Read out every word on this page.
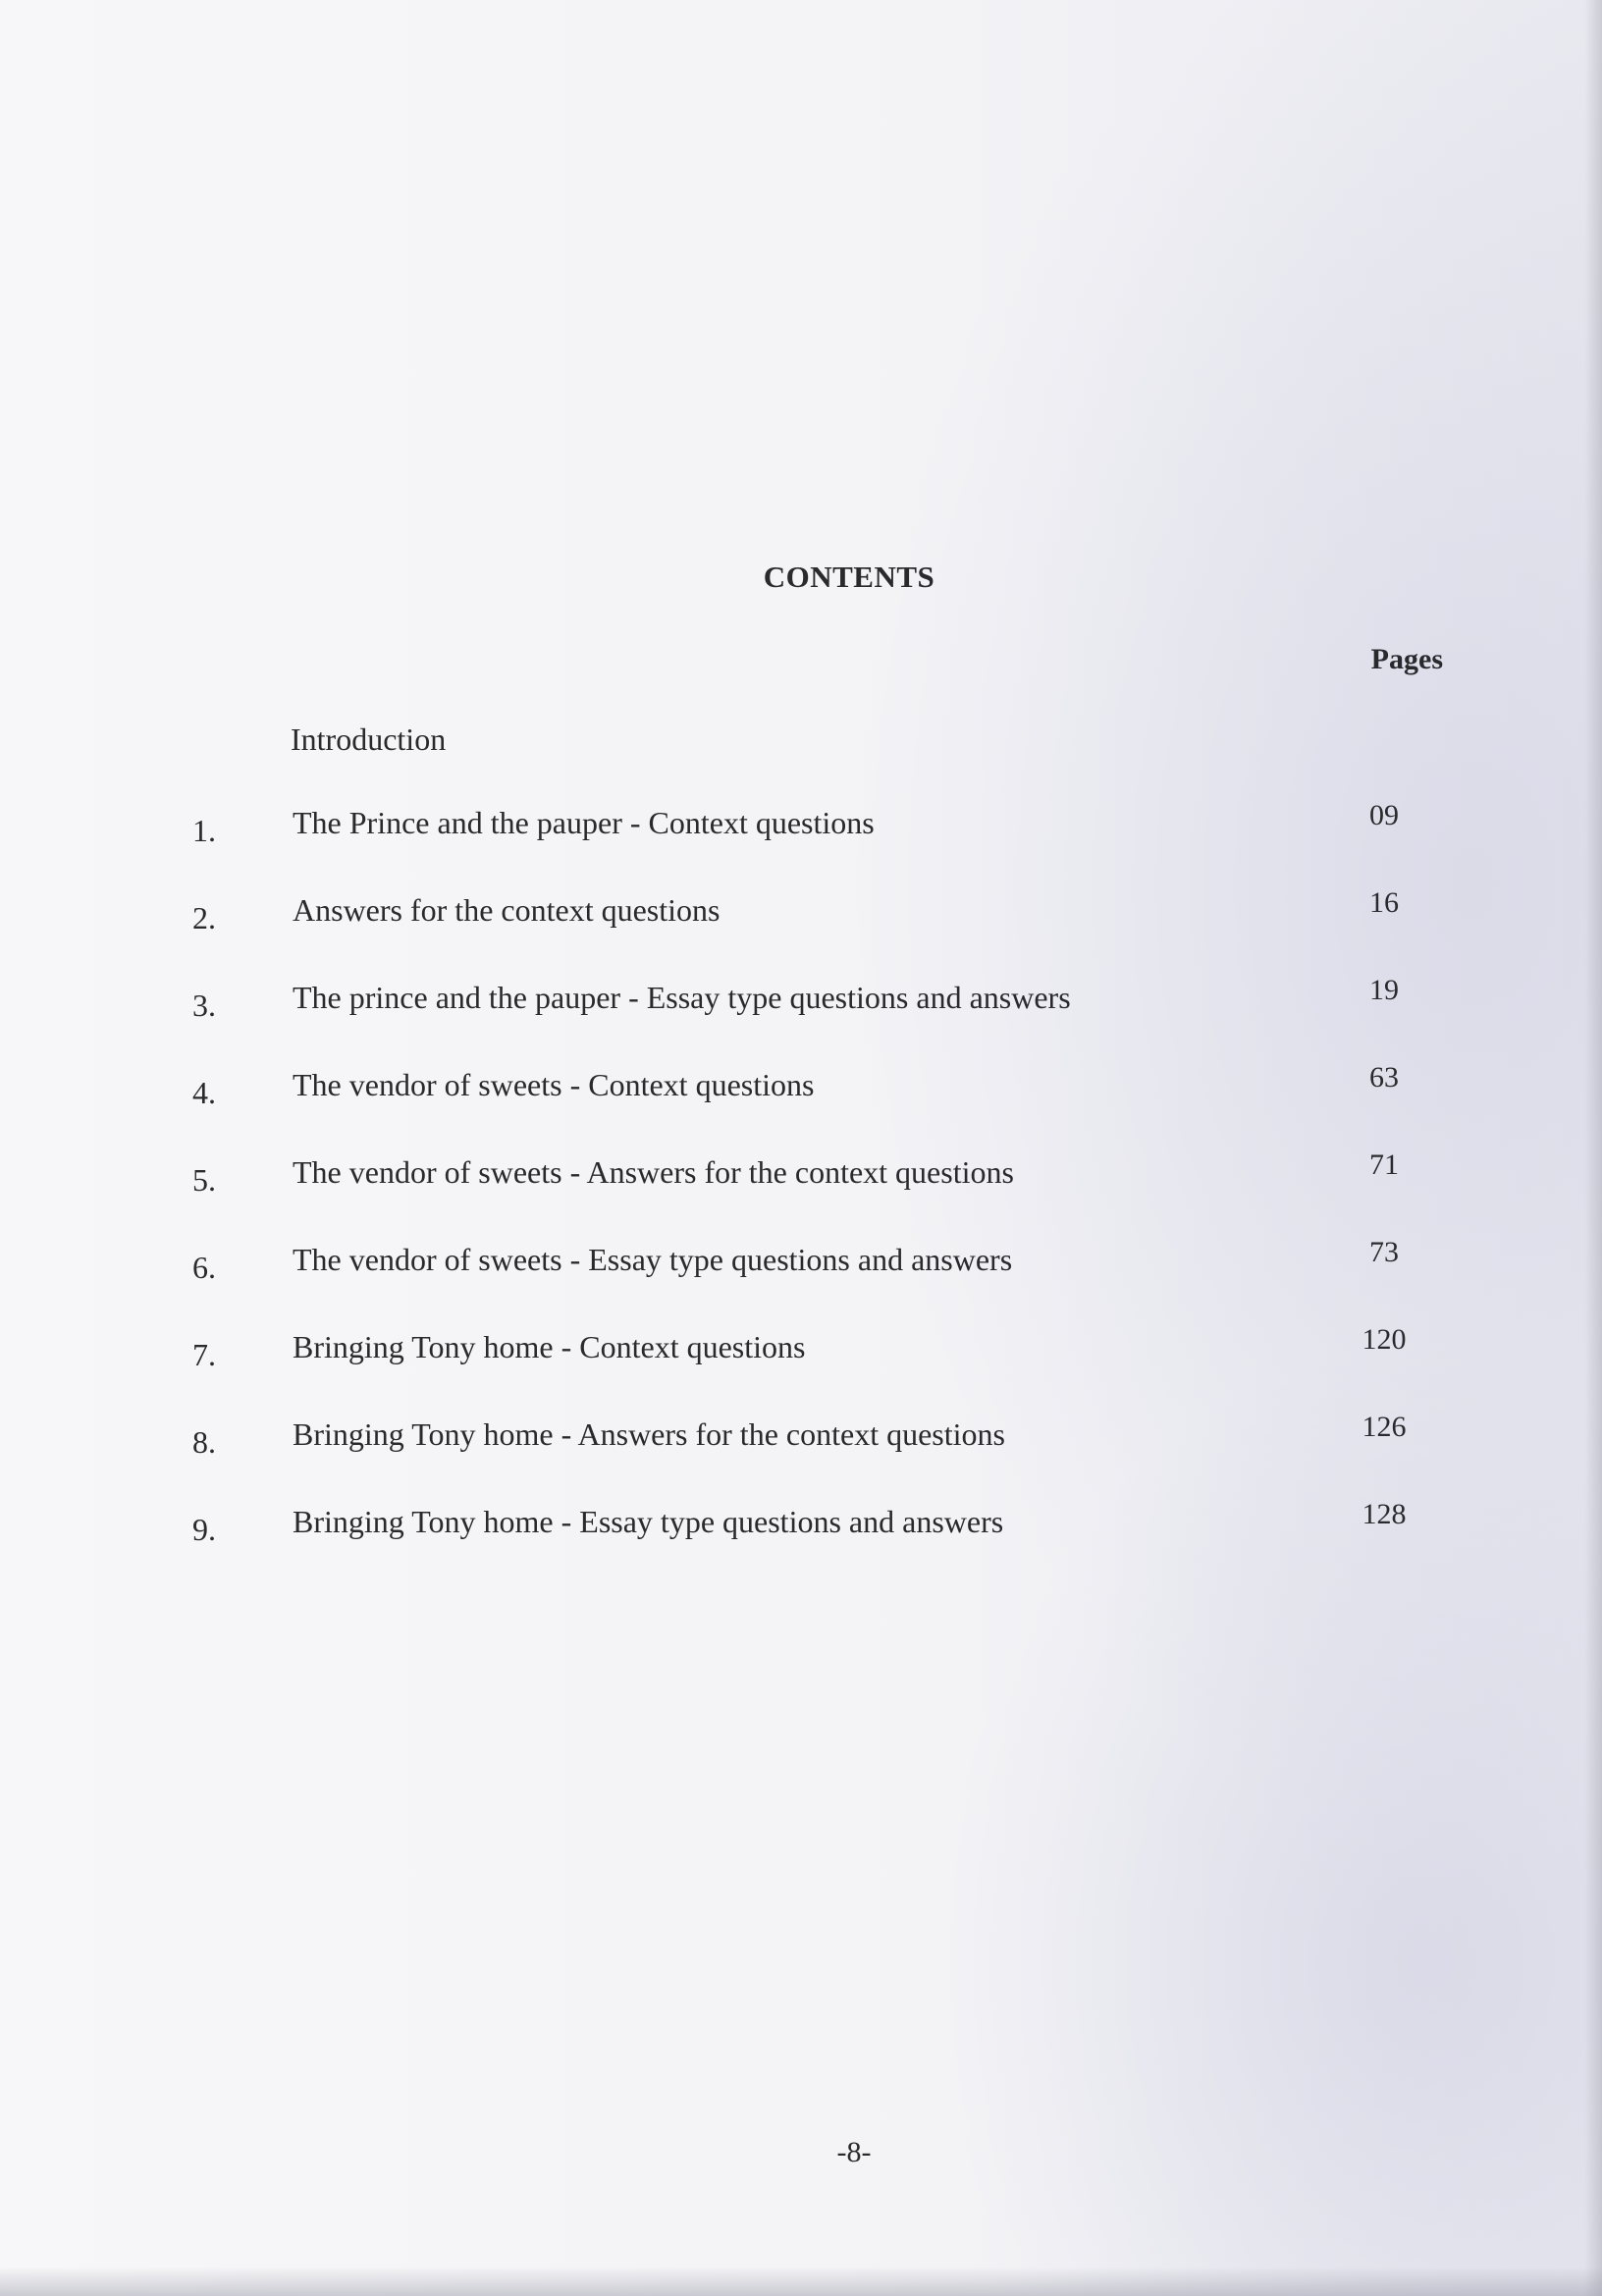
CONTENTS
Pages
Introduction
1. The Prince and the pauper - Context questions	09
2. Answers for the context questions	16
3. The prince and the pauper - Essay type questions and answers	19
4. The vendor of sweets - Context questions	63
5. The vendor of sweets - Answers for the context questions	71
6. The vendor of sweets - Essay type questions and answers	73
7. Bringing Tony home - Context questions	120
8. Bringing Tony home - Answers for the context questions	126
9. Bringing Tony home - Essay type questions and answers	128
-8-
